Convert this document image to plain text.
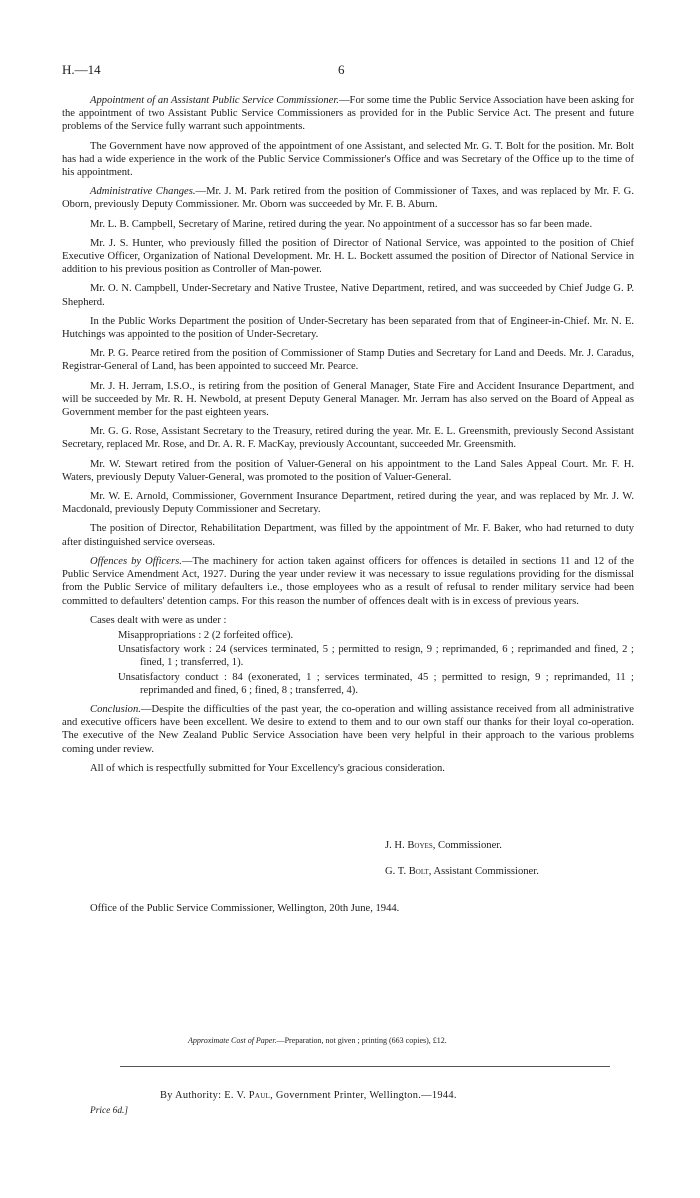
H.—14	6

Appointment of an Assistant Public Service Commissioner.—For some time the Public Service Association have been asking for the appointment of two Assistant Public Service Commissioners as provided for in the Public Service Act. The present and future problems of the Service fully warrant such appointments.

The Government have now approved of the appointment of one Assistant, and selected Mr. G. T. Bolt for the position. Mr. Bolt has had a wide experience in the work of the Public Service Commissioner's Office and was Secretary of the Office up to the time of his appointment.

Administrative Changes.—Mr. J. M. Park retired from the position of Commissioner of Taxes, and was replaced by Mr. F. G. Oborn, previously Deputy Commissioner. Mr. Oborn was succeeded by Mr. F. B. Aburn.

Mr. L. B. Campbell, Secretary of Marine, retired during the year. No appointment of a successor has so far been made.

Mr. J. S. Hunter, who previously filled the position of Director of National Service, was appointed to the position of Chief Executive Officer, Organization of National Development. Mr. H. L. Bockett assumed the position of Director of National Service in addition to his previous position as Controller of Man-power.

Mr. O. N. Campbell, Under-Secretary and Native Trustee, Native Department, retired, and was succeeded by Chief Judge G. P. Shepherd.

In the Public Works Department the position of Under-Secretary has been separated from that of Engineer-in-Chief. Mr. N. E. Hutchings was appointed to the position of Under-Secretary.

Mr. P. G. Pearce retired from the position of Commissioner of Stamp Duties and Secretary for Land and Deeds. Mr. J. Caradus, Registrar-General of Land, has been appointed to succeed Mr. Pearce.

Mr. J. H. Jerram, I.S.O., is retiring from the position of General Manager, State Fire and Accident Insurance Department, and will be succeeded by Mr. R. H. Newbold, at present Deputy General Manager. Mr. Jerram has also served on the Board of Appeal as Government member for the past eighteen years.

Mr. G. G. Rose, Assistant Secretary to the Treasury, retired during the year. Mr. E. L. Greensmith, previously Second Assistant Secretary, replaced Mr. Rose, and Dr. A. R. F. MacKay, previously Accountant, succeeded Mr. Greensmith.

Mr. W. Stewart retired from the position of Valuer-General on his appointment to the Land Sales Appeal Court. Mr. F. H. Waters, previously Deputy Valuer-General, was promoted to the position of Valuer-General.

Mr. W. E. Arnold, Commissioner, Government Insurance Department, retired during the year, and was replaced by Mr. J. W. Macdonald, previously Deputy Commissioner and Secretary.

The position of Director, Rehabilitation Department, was filled by the appointment of Mr. F. Baker, who had returned to duty after distinguished service overseas.

Offences by Officers.—The machinery for action taken against officers for offences is detailed in sections 11 and 12 of the Public Service Amendment Act, 1927. During the year under review it was necessary to issue regulations providing for the dismissal from the Public Service of military defaulters i.e., those employees who as a result of refusal to render military service had been committed to defaulters' detention camps. For this reason the number of offences dealt with is in excess of previous years.

Cases dealt with were as under :
Misappropriations : 2 (2 forfeited office).
Unsatisfactory work : 24 (services terminated, 5 ; permitted to resign, 9 ; reprimanded, 6 ; reprimanded and fined, 2 ; fined, 1 ; transferred, 1).
Unsatisfactory conduct : 84 (exonerated, 1 ; services terminated, 45 ; permitted to resign, 9 ; reprimanded, 11 ; reprimanded and fined, 6 ; fined, 8 ; transferred, 4).

Conclusion.—Despite the difficulties of the past year, the co-operation and willing assistance received from all administrative and executive officers have been excellent. We desire to extend to them and to our own staff our thanks for their loyal co-operation. The executive of the New Zealand Public Service Association have been very helpful in their approach to the various problems coming under review.

All of which is respectfully submitted for Your Excellency's gracious consideration.

J. H. Boyes, Commissioner.
G. T. Bolt, Assistant Commissioner.
Office of the Public Service Commissioner, Wellington, 20th June, 1944.
Approximate Cost of Paper.—Preparation, not given ; printing (663 copies), £12.
By Authority: E. V. Paul, Government Printer, Wellington.—1944.
Price 6d.]
